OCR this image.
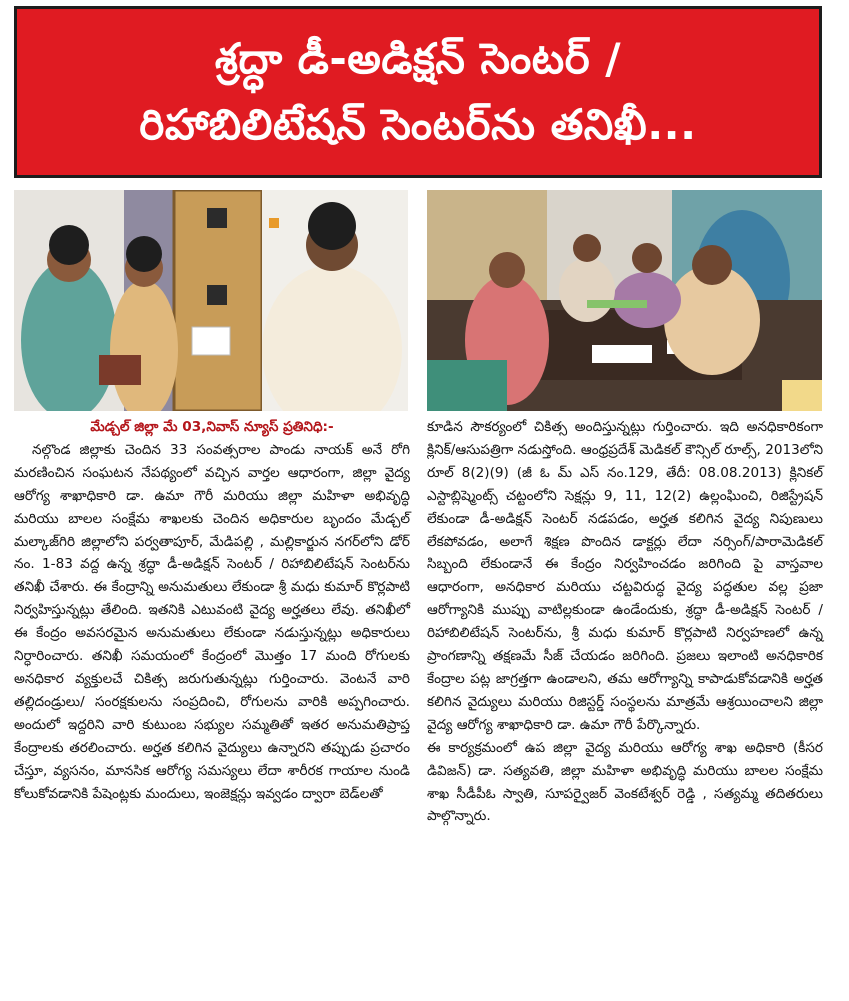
శ్రద్ధా డీ-అడిక్షన్ సెంటర్ /
రిహాబిలిటేషన్ సెంటర్‌ను తనిఖీ...

మేడ్చల్ జిల్లా మే 03,నివాస్ న్యూస్ ప్రతినిధి:-

నల్గొండ జిల్లాకు చెందిన 33 సంవత్సరాల పాండు నాయక్ అనే రోగి మరణించిన సంఘటన నేపథ్యంలో వచ్చిన వార్తల ఆధారంగా, జిల్లా వైద్య ఆరోగ్య శాఖాధికారి డా. ఉమా గౌరీ మరియు జిల్లా మహిళా అభివృద్ధి మరియు బాలల సంక్షేమ శాఖలకు చెందిన అధికారుల బృందం మేడ్చల్ మల్కాజ్‌గిరి జిల్లాలోని పర్వతాపూర్, మేడిపల్లి , మల్లికార్జున నగర్‌లోని డోర్ నం. 1-83 వద్ద ఉన్న శ్రద్ధా డీ-అడిక్షన్ సెంటర్ / రిహాబిలిటేషన్ సెంటర్‌ను తనిఖీ చేశారు. ఈ కేంద్రాన్ని అనుమతులు లేకుండా శ్రీ మధు కుమార్ కొర్లపాటి నిర్వహిస్తున్నట్లు తేలింది. ఇతనికి ఎటువంటి వైద్య అర్హతలు లేవు. తనిఖీలో ఈ కేంద్రం అవసరమైన అనుమతులు లేకుండా నడుస్తున్నట్లు అధికారులు నిర్ధారించారు. తనిఖీ సమయంలో కేంద్రంలో మొత్తం 17 మంది రోగులకు అనధికార వ్యక్తులచే చికిత్స జరుగుతున్నట్లు గుర్తించారు. వెంటనే వారి తల్లిదండ్రులు/ సంరక్షకులను సంప్రదించి, రోగులను వారికి అప్పగించారు. అందులో ఇద్దరిని వారి కుటుంబ సభ్యుల సమ్మతితో ఇతర అనుమతిప్రాప్త కేంద్రాలకు తరలించారు. అర్హత కలిగిన వైద్యులు ఉన్నారని తప్పుడు ప్రచారం చేస్తూ, వ్యసనం, మానసిక ఆరోగ్య సమస్యలు లేదా శారీరక గాయాల నుండి కోలుకోవడానికి పేషెంట్లకు మందులు, ఇంజెక్షన్లు ఇవ్వడం ద్వారా బెడ్‌లతో

కూడిన సౌకర్యంలో చికిత్స అందిస్తున్నట్లు గుర్తించారు. ఇది అనధికారికంగా క్లినిక్/ఆసుపత్రిగా నడుస్తోంది. ఆంధ్రప్రదేశ్ మెడికల్ కౌన్సిల్ రూల్స్, 2013లోని రూల్ 8(2)(9) (జీ ఓ మ్ ఎస్ నం.129, తేదీ: 08.08.2013) క్లినికల్ ఎస్టాబ్లిష్మెంట్స్ చట్టంలోని సెక్షన్లు 9, 11, 12(2) ఉల్లంఘించి, రిజిస్ట్రేషన్ లేకుండా డీ-అడిక్షన్ సెంటర్ నడపడం, అర్హత కలిగిన వైద్య నిపుణులు లేకపోవడం, అలాగే శిక్షణ పొందిన డాక్టర్లు లేదా నర్సింగ్/పారామెడికల్ సిబ్బంది లేకుండానే ఈ కేంద్రం నిర్వహించడం జరిగింది పై వాస్తవాల ఆధారంగా, అనధికార మరియు చట్టవిరుద్ధ వైద్య పద్ధతుల వల్ల ప్రజా ఆరోగ్యానికి ముప్పు వాటిల్లకుండా ఉండేందుకు, శ్రద్ధా డీ-అడిక్షన్ సెంటర్ / రిహాబిలిటేషన్ సెంటర్‌ను, శ్రీ మధు కుమార్ కొర్లపాటి నిర్వహణలో ఉన్న ప్రాంగణాన్ని తక్షణమే సీజ్ చేయడం జరిగింది. ప్రజలు ఇలాంటి అనధికారిక కేంద్రాల పట్ల జాగ్రత్తగా ఉండాలని, తమ ఆరోగ్యాన్ని కాపాడుకోవడానికి అర్హత కలిగిన వైద్యులు మరియు రిజిస్టర్డ్ సంస్థలను మాత్రమే ఆశ్రయించాలని జిల్లా వైద్య ఆరోగ్య శాఖాధికారి డా. ఉమా గౌరీ పేర్కొన్నారు.

ఈ కార్యక్రమంలో ఉప జిల్లా వైద్య మరియు ఆరోగ్య శాఖ అధికారి (కీసర డివిజన్) డా. సత్యవతి, జిల్లా మహిళా అభివృద్ధి మరియు బాలల సంక్షేమ శాఖ సీడీపీఓ స్వాతి, సూపర్వైజర్ వెంకటేశ్వర్ రెడ్డి , సత్యమ్మ తదితరులు పాల్గొన్నారు.
